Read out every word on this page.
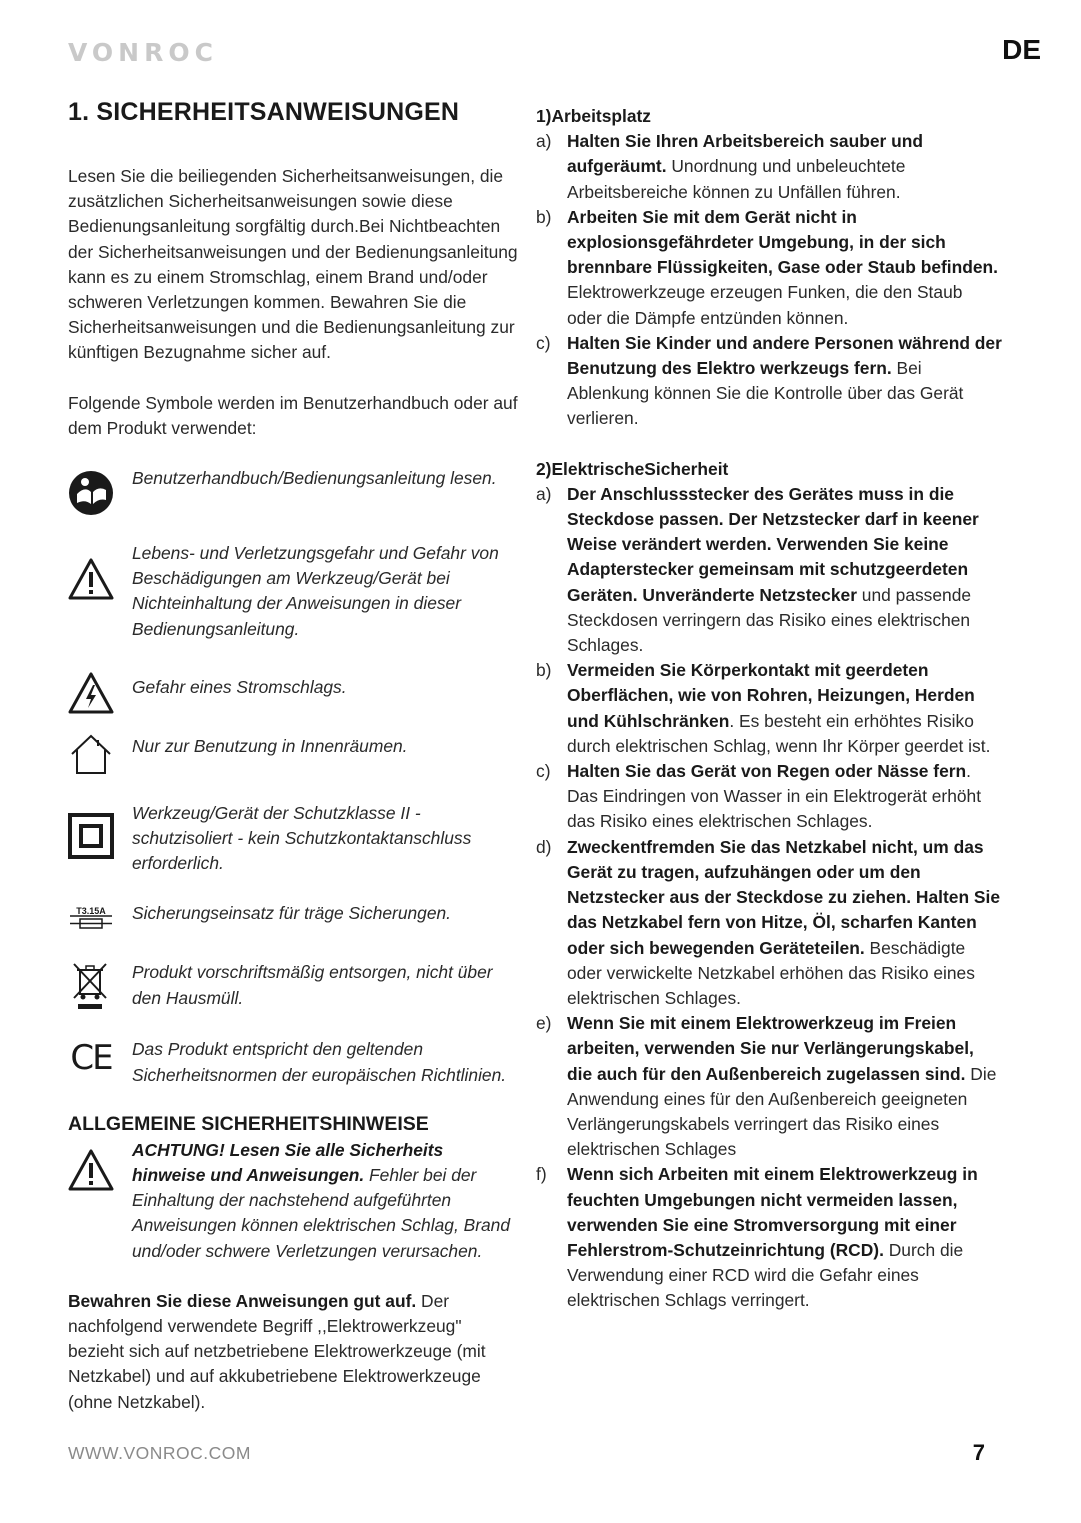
VONROC	DE
1. SICHERHEITSANWEISUNGEN

Lesen Sie die beiliegenden Sicherheitsanweisungen, die zusätzlichen Sicherheitsanweisungen sowie diese Bedienungsanleitung sorgfältig durch.Bei Nichtbeachten der Sicherheitsanweisungen und der Bedienungsanleitung kann es zu einem Stromschlag, einem Brand und/oder schweren Verletzungen kommen. Bewahren Sie die Sicherheitsanweisungen und die Bedienungsanleitung zur künftigen Bezugnahme sicher auf.

Folgende Symbole werden im Benutzerhandbuch oder auf dem Produkt verwendet:

Benutzerhandbuch/Bedienungsanleitung lesen.
Lebens- und Verletzungsgefahr und Gefahr von Beschädigungen am Werkzeug/Gerät bei Nichteinhaltung der Anweisungen in dieser Bedienungsanleitung.
Gefahr eines Stromschlags.
Nur zur Benutzung in Innenräumen.
Werkzeug/Gerät der Schutzklasse II - schutzisoliert - kein Schutzkontaktanschluss erforderlich.
T3.15A Sicherungseinsatz für träge Sicherungen.
Produkt vorschriftsmäßig entsorgen, nicht über den Hausmüll.
CE Das Produkt entspricht den geltenden Sicherheitsnormen der europäischen Richtlinien.
ALLGEMEINE SICHERHEITSHINWEISE
ACHTUNG! Lesen Sie alle Sicherheits hinweise und Anweisungen. Fehler bei der Einhaltung der nachstehend aufgeführten Anweisungen können elektrischen Schlag, Brand und/oder schwere Verletzungen verursachen.

Bewahren Sie diese Anweisungen gut auf. Der nachfolgend verwendete Begriff ,,Elektrowerkzeug" bezieht sich auf netzbetriebene Elektrowerkzeuge (mit Netzkabel) und auf akkubetriebene Elektrowerkzeuge (ohne Netzkabel).

1)Arbeitsplatz
a) Halten Sie Ihren Arbeitsbereich sauber und aufgeräumt. Unordnung und unbeleuchtete Arbeitsbereiche können zu Unfällen führen.
b) Arbeiten Sie mit dem Gerät nicht in explosionsgefährdeter Umgebung, in der sich brennbare Flüssigkeiten, Gase oder Staub befinden. Elektrowerkzeuge erzeugen Funken, die den Staub oder die Dämpfe entzünden können.
c) Halten Sie Kinder und andere Personen während der Benutzung des Elektro werkzeugs fern. Bei Ablenkung können Sie die Kontrolle über das Gerät verlieren.
2)ElektrischeSicherheit
a) Der Anschlussstecker des Gerätes muss in die Steckdose passen. Der Netzstecker darf in keener Weise verändert werden. Verwenden Sie keine Adapterstecker gemeinsam mit schutzgeerdeten Geräten. Unveränderte Netzstecker und passende Steckdosen verringern das Risiko eines elektrischen Schlages.
b) Vermeiden Sie Körperkontakt mit geerdeten Oberflächen, wie von Rohren, Heizungen, Herden und Kühlschränken. Es besteht ein erhöhtes Risiko durch elektrischen Schlag, wenn Ihr Körper geerdet ist.
c) Halten Sie das Gerät von Regen oder Nässe fern. Das Eindringen von Wasser in ein Elektrogerät erhöht das Risiko eines elektrischen Schlages.
d) Zweckentfremden Sie das Netzkabel nicht, um das Gerät zu tragen, aufzuhängen oder um den Netzstecker aus der Steckdose zu ziehen. Halten Sie das Netzkabel fern von Hitze, Öl, scharfen Kanten oder sich bewegenden Geräteteilen. Beschädigte oder verwickelte Netzkabel erhöhen das Risiko eines elektrischen Schlages.
e) Wenn Sie mit einem Elektrowerkzeug im Freien arbeiten, verwenden Sie nur Verlängerungskabel, die auch für den Außenbereich zugelassen sind. Die Anwendung eines für den Außenbereich geeigneten Verlängerungskabels verringert das Risiko eines elektrischen Schlages
f)	Wenn sich Arbeiten mit einem Elektrowerkzeug in feuchten Umgebungen nicht vermeiden lassen, verwenden Sie eine Stromversorgung mit einer Fehlerstrom-Schutzeinrichtung (RCD). Durch die Verwendung einer RCD wird die Gefahr eines elektrischen Schlags verringert.
WWW.VONROC.COM	7
